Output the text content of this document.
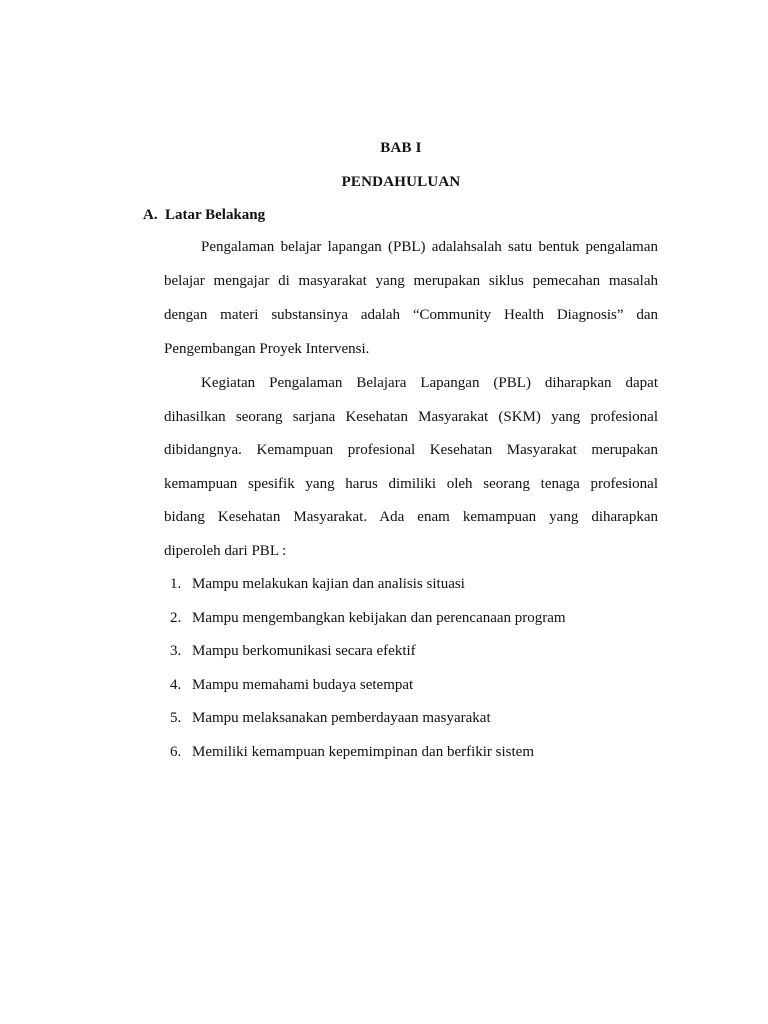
BAB I
PENDAHULUAN
A. Latar Belakang
Pengalaman belajar lapangan (PBL) adalahsalah satu bentuk pengalaman
belajar mengajar di masyarakat yang merupakan siklus pemecahan masalah
dengan materi substansinya adalah “Community Health Diagnosis” dan
Pengembangan Proyek Intervensi.
Kegiatan Pengalaman Belajara Lapangan (PBL) diharapkan dapat
dihasilkan seorang sarjana Kesehatan Masyarakat (SKM) yang profesional
dibidangnya. Kemampuan profesional Kesehatan Masyarakat merupakan
kemampuan spesifik yang harus dimiliki oleh seorang tenaga profesional
bidang Kesehatan Masyarakat. Ada enam kemampuan yang diharapkan
diperoleh dari PBL :
1. Mampu melakukan kajian dan analisis situasi
2. Mampu mengembangkan kebijakan dan perencanaan program
3. Mampu berkomunikasi secara efektif
4. Mampu memahami budaya setempat
5. Mampu melaksanakan pemberdayaan masyarakat
6. Memiliki kemampuan kepemimpinan dan berfikir sistem
